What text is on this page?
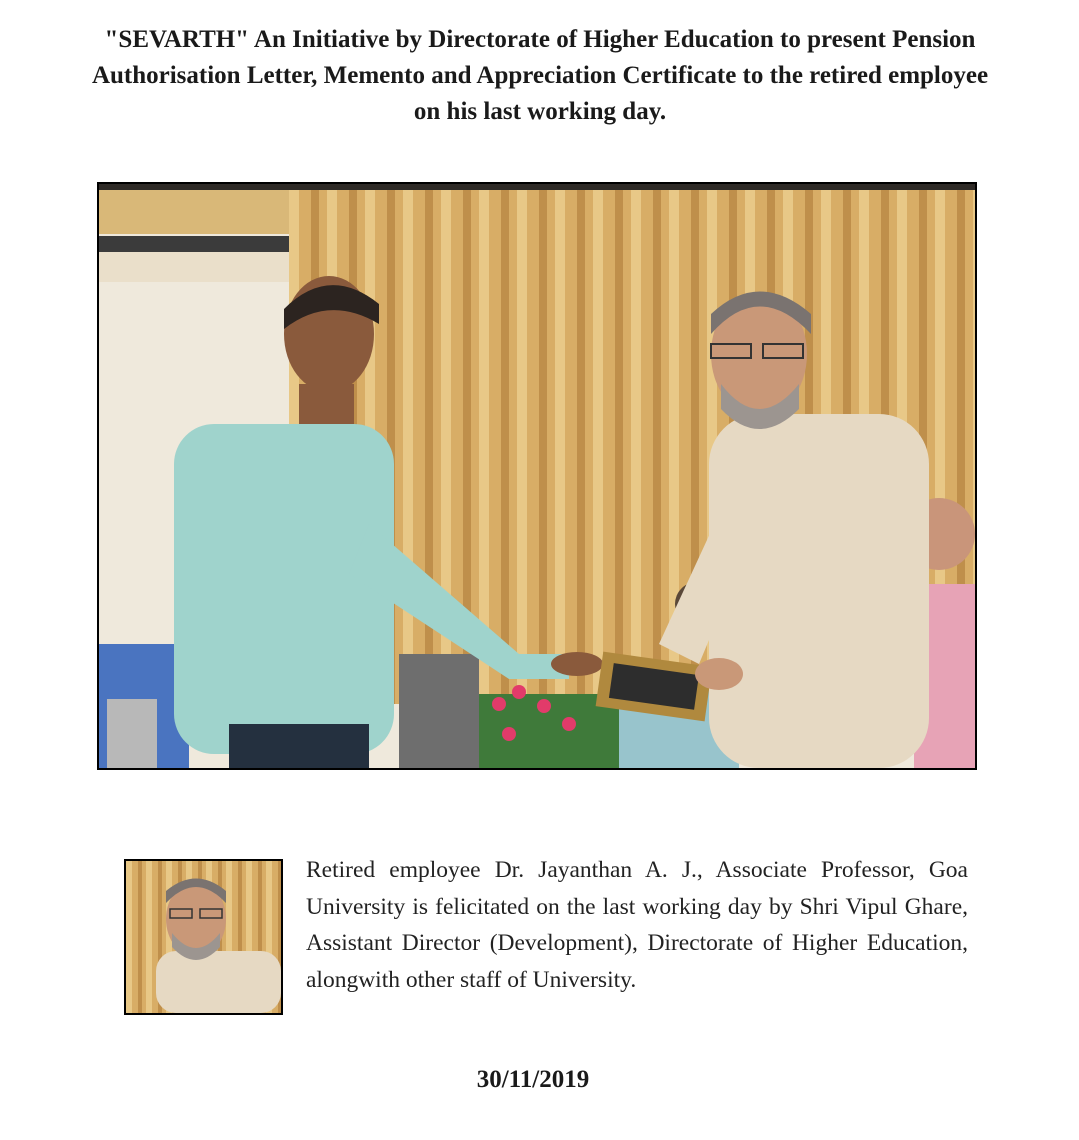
"SEVARTH" An Initiative by Directorate of Higher Education to present Pension Authorisation Letter, Memento and Appreciation Certificate to the retired employee on his last working day.

Retired employee Dr. Jayanthan A. J., Associate Professor, Goa University is felicitated on the last working day by Shri Vipul Ghare, Assistant Director (Development), Directorate of Higher Education, alongwith other staff of University.

30/11/2019
